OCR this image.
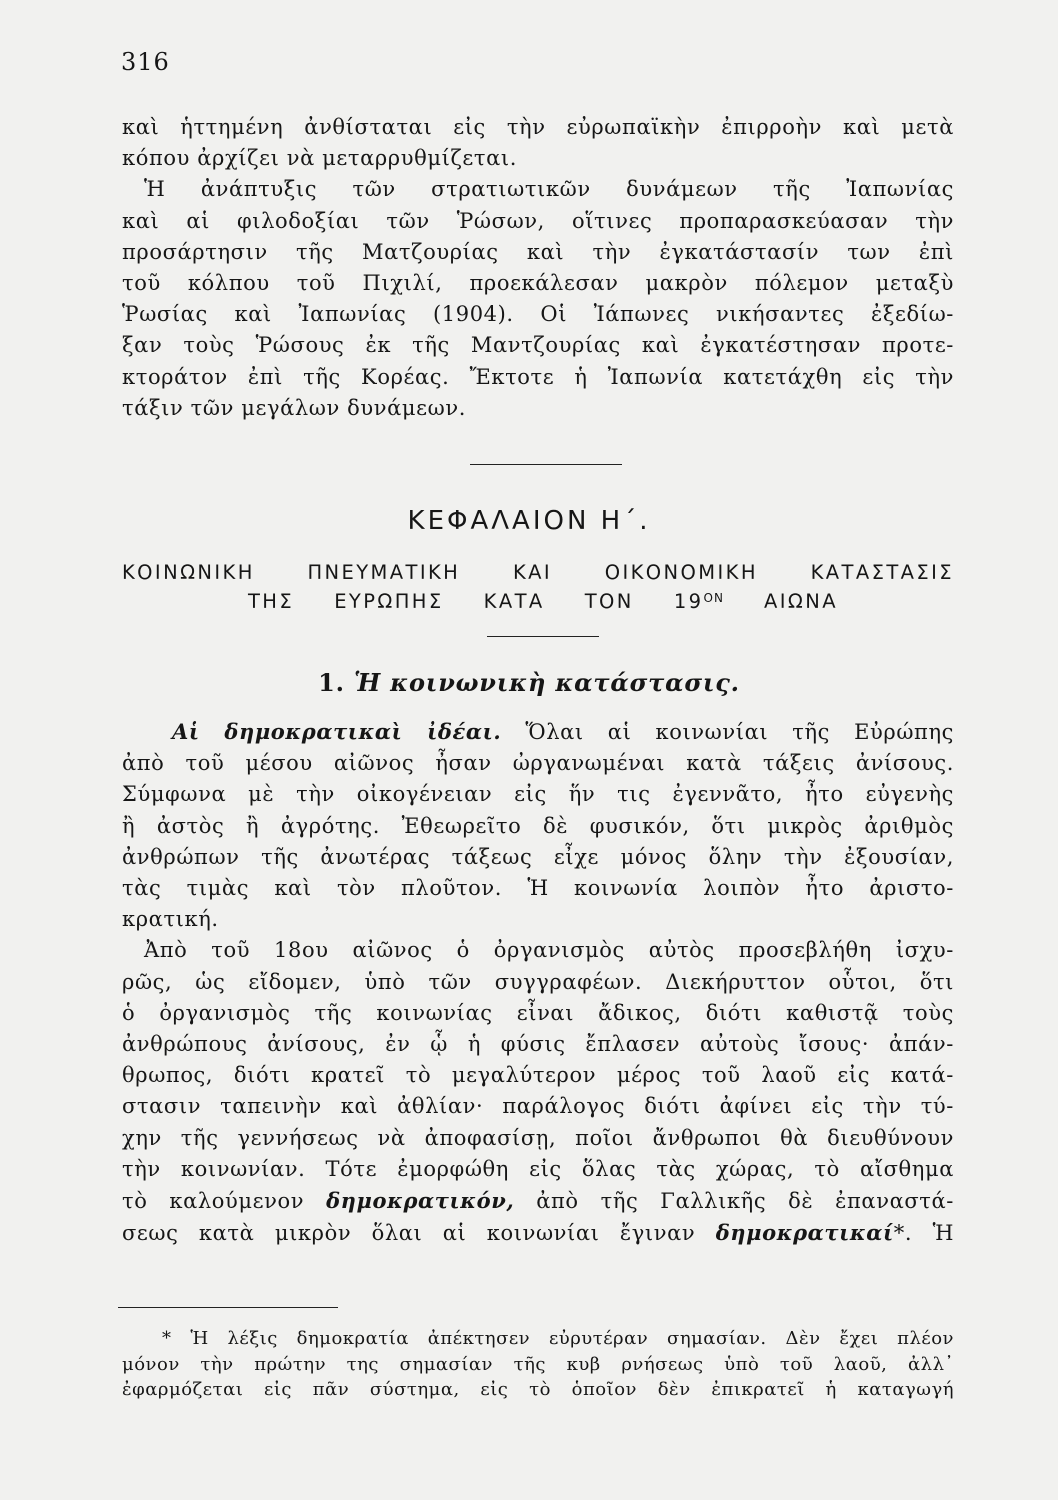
316
καὶ ἡττημένη ἀνθίσταται εἰς τὴν εὐρωπαϊκὴν ἐπιρροὴν καὶ μετὰ
κόπου ἀρχίζει νὰ μεταρρυθμίζεται.
Ἡ ἀνάπτυξις τῶν στρατιωτικῶν δυνάμεων τῆς Ἰαπωνίας
καὶ αἱ φιλοδοξίαι τῶν Ῥώσων, οἵτινες προπαρασκεύασαν τὴν
προσάρτησιν τῆς Ματζουρίας καὶ τὴν ἐγκατάστασίν των ἐπὶ
τοῦ κόλπου τοῦ Πιχιλί, προεκάλεσαν μακρὸν πόλεμον μεταξὺ
Ῥωσίας καὶ Ἰαπωνίας (1904). Οἱ Ἰάπωνες νικήσαντες ἐξεδίω-
ξαν τοὺς Ῥώσους ἐκ τῆς Μαντζουρίας καὶ ἐγκατέστησαν προτε-
κτοράτον ἐπὶ τῆς Κορέας. Ἔκτοτε ἡ Ἰαπωνία κατετάχθη εἰς τὴν
τάξιν τῶν μεγάλων δυνάμεων.
ΚΕΦΑΛΑΙΟΝ Η΄.
ΚΟΙΝΩΝΙΚΗ	ΠΝΕΥΜΑΤΙΚΗ	ΚΑΙ	ΟΙΚΟΝΟΜΙΚΗ	ΚΑΤΑΣΤΑΣΙΣ
ΤΗΣ ΕΥΡΩΠΗΣ ΚΑΤΑ ΤΟΝ $19^{ON}$ ΑΙΩΝΑ
1. Ἡ κοινωνικὴ κατάστασις.
Αἱ δημοκρατικαὶ ἰδέαι. Ὅλαι αἱ κοινωνίαι τῆς Εὐρώπης
ἀπὸ τοῦ μέσου αἰῶνος ἦσαν ὠργανωμέναι κατὰ τάξεις ἀνίσους.
Σύμφωνα μὲ τὴν οἰκογένειαν εἰς ἥν τις ἐγεννᾶτο, ἦτο εὐγενὴς
ἢ ἀστὸς ἢ ἀγρότης. Ἐθεωρεῖτο δὲ φυσικόν, ὅτι μικρὸς ἀριθμὸς
ἀνθρώπων τῆς ἀνωτέρας τάξεως εἶχε μόνος ὅλην τὴν ἐξουσίαν,
τὰς τιμὰς καὶ τὸν πλοῦτον. Ἡ κοινωνία λοιπὸν ἦτο ἀριστο-
κρατική.
Ἀπὸ τοῦ 18ου αἰῶνος ὁ ὀργανισμὸς αὐτὸς προσεβλήθη ἰσχυ-
ρῶς, ὡς εἴδομεν, ὑπὸ τῶν συγγραφέων. Διεκήρυττον οὗτοι, ὅτι
ὁ ὀργανισμὸς τῆς κοινωνίας εἶναι ἄδικος, διότι καθιστᾷ τοὺς
ἀνθρώπους ἀνίσους, ἐν ᾧ ἡ φύσις ἔπλασεν αὐτοὺς ἴσους· ἀπάν-
θρωπος, διότι κρατεῖ τὸ μεγαλύτερον μέρος τοῦ λαοῦ εἰς κατά-
στασιν ταπεινὴν καὶ ἀθλίαν· παράλογος διότι ἀφίνει εἰς τὴν τύ-
χην τῆς γεννήσεως νὰ ἀποφασίσῃ, ποῖοι ἄνθρωποι θὰ διευθύνουν
τὴν κοινωνίαν. Τότε ἐμορφώθη εἰς ὅλας τὰς χώρας, τὸ αἴσθημα
τὸ καλούμενον δημοκρατικόν, ἀπὸ τῆς Γαλλικῆς δὲ ἐπαναστά-
σεως κατὰ μικρὸν ὅλαι αἱ κοινωνίαι ἔγιναν δημοκρατικαί*. Ἡ
* Ἡ λέξις δημοκρατία ἀπέκτησεν εὐρυτέραν σημασίαν. Δὲν ἔχει πλέον
μόνον τὴν πρώτην της σημασίαν τῆς κυβ ρνήσεως ὑπὸ τοῦ λαοῦ, ἀλλ᾽
ἐφαρμόζεται εἰς πᾶν σύστημα, εἰς τὸ ὁποῖον δὲν ἐπικρατεῖ ἡ καταγωγή
